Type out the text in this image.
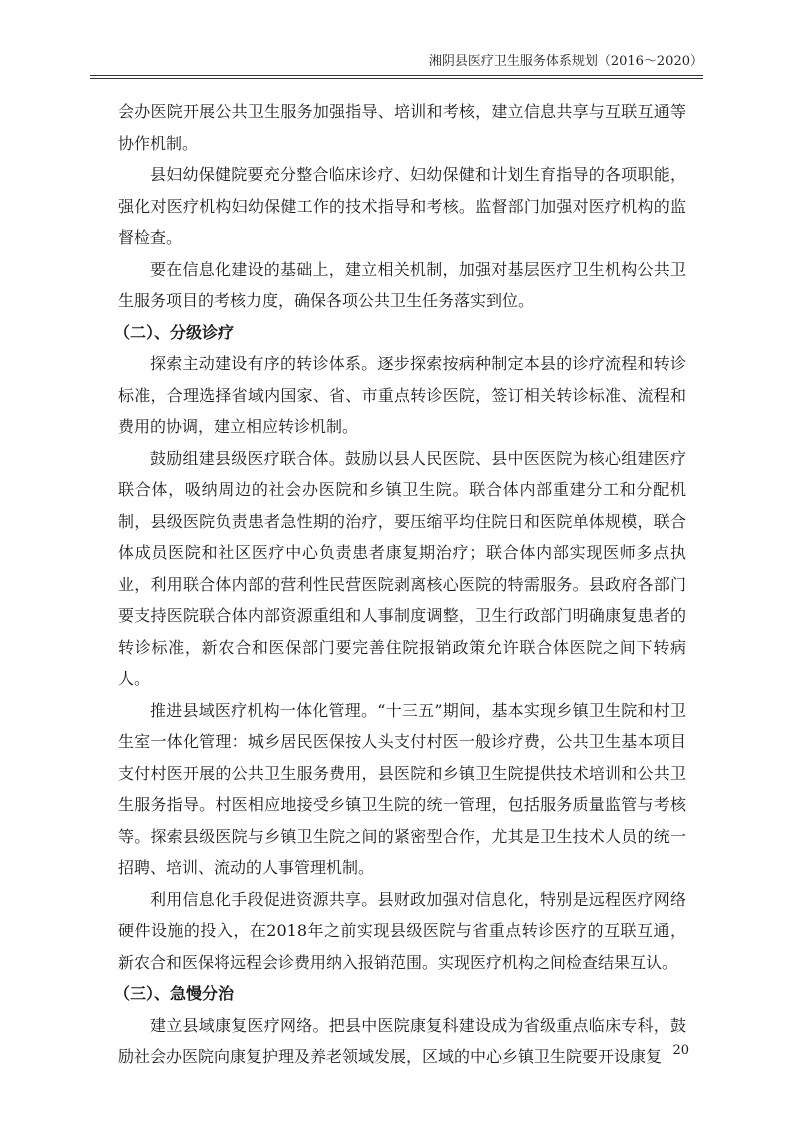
湘阴县医疗卫生服务体系规划（2016～2020）

会办医院开展公共卫生服务加强指导、培训和考核，建立信息共享与互联互通等协作机制。

县妇幼保健院要充分整合临床诊疗、妇幼保健和计划生育指导的各项职能，强化对医疗机构妇幼保健工作的技术指导和考核。监督部门加强对医疗机构的监督检查。

要在信息化建设的基础上，建立相关机制，加强对基层医疗卫生机构公共卫生服务项目的考核力度，确保各项公共卫生任务落实到位。

（二）、分级诊疗

探索主动建设有序的转诊体系。逐步探索按病种制定本县的诊疗流程和转诊标准，合理选择省域内国家、省、市重点转诊医院，签订相关转诊标准、流程和费用的协调，建立相应转诊机制。

鼓励组建县级医疗联合体。鼓励以县人民医院、县中医医院为核心组建医疗联合体，吸纳周边的社会办医院和乡镇卫生院。联合体内部重建分工和分配机制，县级医院负责患者急性期的治疗，要压缩平均住院日和医院单体规模，联合体成员医院和社区医疗中心负责患者康复期治疗；联合体内部实现医师多点执业，利用联合体内部的营利性民营医院剥离核心医院的特需服务。县政府各部门要支持医院联合体内部资源重组和人事制度调整，卫生行政部门明确康复患者的转诊标准，新农合和医保部门要完善住院报销政策允许联合体医院之间下转病人。

推进县域医疗机构一体化管理。“十三五”期间，基本实现乡镇卫生院和村卫生室一体化管理：城乡居民医保按人头支付村医一般诊疗费，公共卫生基本项目支付村医开展的公共卫生服务费用，县医院和乡镇卫生院提供技术培训和公共卫生服务指导。村医相应地接受乡镇卫生院的统一管理，包括服务质量监管与考核等。探索县级医院与乡镇卫生院之间的紧密型合作，尤其是卫生技术人员的统一招聘、培训、流动的人事管理机制。

利用信息化手段促进资源共享。县财政加强对信息化，特别是远程医疗网络硬件设施的投入，在2018年之前实现县级医院与省重点转诊医疗的互联互通，新农合和医保将远程会诊费用纳入报销范围。实现医疗机构之间检查结果互认。

（三）、急慢分治

建立县域康复医疗网络。把县中医院康复科建设成为省级重点临床专科，鼓励社会办医院向康复护理及养老领域发展，区域的中心乡镇卫生院要开设康复 20
